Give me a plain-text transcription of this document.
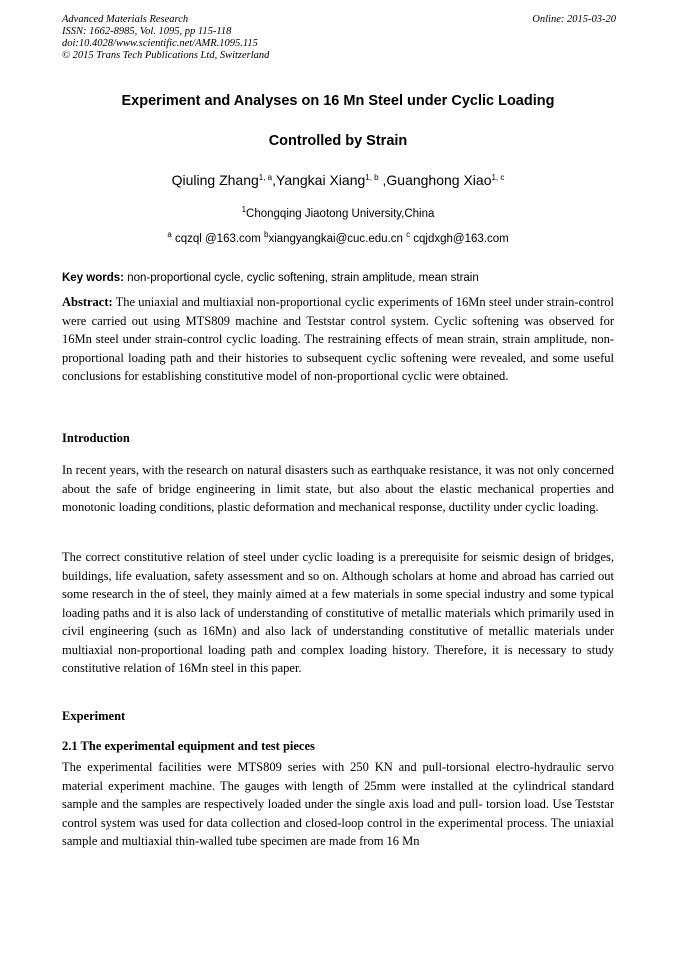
Advanced Materials Research
ISSN: 1662-8985, Vol. 1095, pp 115-118
doi:10.4028/www.scientific.net/AMR.1095.115
© 2015 Trans Tech Publications Ltd, Switzerland
Online: 2015-03-20
Experiment and Analyses on 16 Mn Steel under Cyclic Loading
Controlled by Strain
Qiuling Zhang$^{1, a}$,Yangkai Xiang$^{1, b}$ ,Guanghong Xiao$^{1, c}$
$^1$Chongqing Jiaotong University,China
$^a$ cqzql @163.com $^b$xiangyangkai@cuc.edu.cn $^c$ cqjdxgh@163.com
Key words: non-proportional cycle, cyclic softening, strain amplitude, mean strain

Abstract: The uniaxial and multiaxial non-proportional cyclic experiments of 16Mn steel under strain-control were carried out using MTS809 machine and Teststar control system. Cyclic softening was observed for 16Mn steel under strain-control cyclic loading. The restraining effects of mean strain, strain amplitude, non-proportional loading path and their histories to subsequent cyclic softening were revealed, and some useful conclusions for establishing constitutive model of non-proportional cyclic were obtained.

Introduction

In recent years, with the research on natural disasters such as earthquake resistance, it was not only concerned about the safe of bridge engineering in limit state, but also about the elastic mechanical properties and monotonic loading conditions, plastic deformation and mechanical response, ductility under cyclic loading.

The correct constitutive relation of steel under cyclic loading is a prerequisite for seismic design of bridges, buildings, life evaluation, safety assessment and so on. Although scholars at home and abroad has carried out some research in the of steel, they mainly aimed at a few materials in some special industry and some typical loading paths and it is also lack of understanding of constitutive of metallic materials which primarily used in civil engineering (such as 16Mn) and also lack of understanding constitutive of metallic materials under multiaxial non-proportional loading path and complex loading history. Therefore, it is necessary to study constitutive relation of 16Mn steel in this paper.

Experiment
2.1 The experimental equipment and test pieces

The experimental facilities were MTS809 series with 250 KN and pull-torsional electro-hydraulic servo material experiment machine. The gauges with length of 25mm were installed at the cylindrical standard sample and the samples are respectively loaded under the single axis load and pull- torsion load. Use Teststar control system was used for data collection and closed-loop control in the experimental process. The uniaxial sample and multiaxial thin-walled tube specimen are made from 16 Mn
